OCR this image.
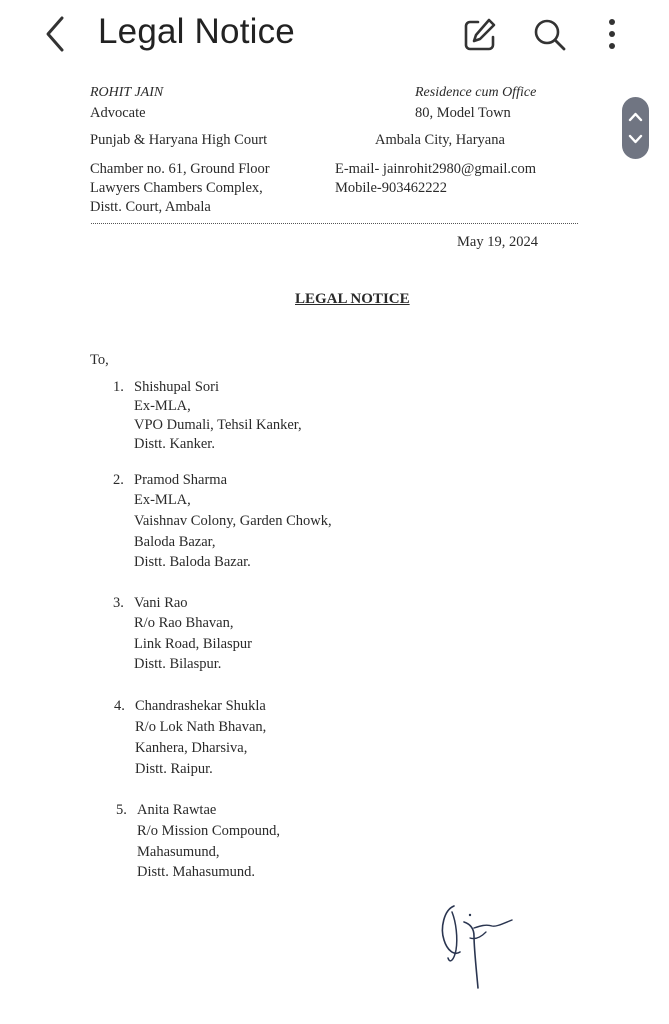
Legal Notice
ROHIT JAIN
Advocate
Residence cum Office
80, Model Town
Punjab & Haryana High Court	Ambala City, Haryana
Chamber no. 61, Ground Floor
Lawyers Chambers Complex,
Distt. Court, Ambala
E-mail- jainrohit2980@gmail.com
Mobile-903462222
May 19, 2024
LEGAL NOTICE
To,
1. Shishupal Sori
Ex-MLA,
VPO Dumali, Tehsil Kanker,
Distt. Kanker.
2. Pramod Sharma
Ex-MLA,
Vaishnav Colony, Garden Chowk,
Baloda Bazar,
Distt. Baloda Bazar.
3. Vani Rao
R/o Rao Bhavan,
Link Road, Bilaspur
Distt. Bilaspur.
4. Chandrashekar Shukla
R/o Lok Nath Bhavan,
Kanhera, Dharsiva,
Distt. Raipur.
5. Anita Rawtae
R/o Mission Compound,
Mahasumund,
Distt. Mahasumund.
